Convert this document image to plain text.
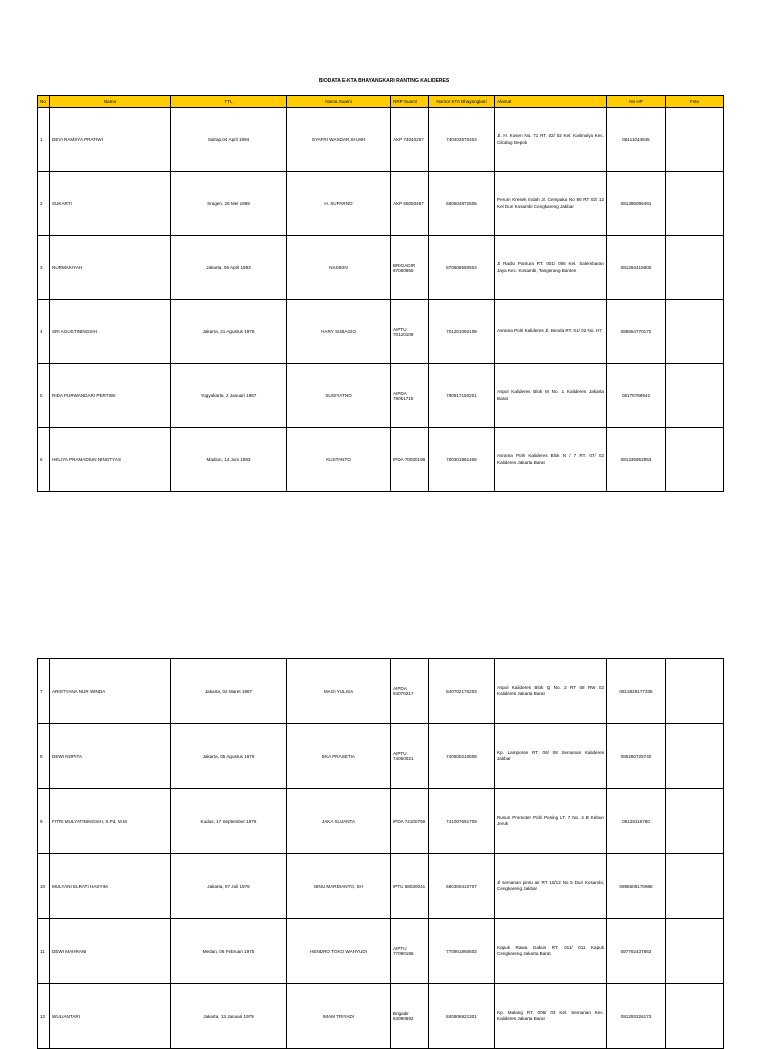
BIODATA E-KTA BHAYANGKARI RANTING KALIDERES
No	Nama	TTL	Nama Suami	NRP Suami	Nomor KTA Bhayangkari	Alamat	No HP	Foto
1	DEVI RAMSYA PRATIWI	Sidrap,04 April 1994	SYAFRI WASDAR,SH,MH	AKP 74040257	740402570404	Jl. H. Kosen No. 71 RT. 02/ 02 Kel. Kalimulya Kec. Cilodog Depok	08111044945	
2	SUKARTI	Sragen, 25 Mei 1969	H. SUPARNO	AKP 66050487	660504872505	Perum Kresek Indah Jl. Cempaka No 90 RT 02/ 12 Kel Duri Kosambi Cengkareng Jakbar	081386096491	
3	NURMAKIYAH	Jakarta, 05 April 1993	NASIKIN	BRIGADIR 87060655	870606550504	Jl Radio Pantura RT. 001/ 006 Kel. Salembaran Jaya Kec. Kosambi, Tangerang Banten	081294415600	
4	SRI AGUSTININGSIH	Jakarta, 21 Agustus 1975	HARY SUBAGIO	AIPTU 70120109	701201092108	Asrama Polri Kalideres Jl. Benda RT. 01/ 02 No. H7	089654770172	
5	RIDA PURWANDARI PERTIWI	Yogyakarta, 2 Januari 1987	SUGIYATNO	AIPDA 79051715	790517150201	Aspol Kalideres Blok M No. 1 Kalideres Jakarta Barat	08176788942	
6	HELIYA PRAMADIUN NINGTYAS	Madiun, 14 Juni 1983	KUSTANTO	IPDA 70030198	700301981406	Asrama Polri Kalideres Blok N / 7 RT. 07/ 02 Kalideres Jakarta Barat	081335952953	
7	ARISTYANA NUR WINDA	Jakarta, 02 Maret 1987	MAGI YULISA	AIPDA 84070217	840702170203	Aspol Kalideres Blok Q No. 2 RT 08 RW 02 Kalideres Jakarta Barat	0813829177335	
8	DEWI NOPITA	Jakarta, 05 Agustus 1976	EKA PRASETIA	AIPTU 74060021	740600210508	Kp. Lamporan RT. 06/ 08 Semanan Kalideres Jakbar	085280725740	
9	FITRI MULYATININGSIH, S.Pd, M.M	Kudus, 17 September 1976	JAKA SUJANTA	IPDA 74100769	741007691709	Rusun Promoter Polri Pesing LT. 7 No. 4 B Kebun Jeruk	08128116780	
10	MULYANI ELRATI HASYIM	Jakarta, 07 Juli 1976	IBNU MARDIANTO, SH	IPTU 68030041	680300410707	Jl semanan pintu air RT 10/12 No 5 Duri Kosambi, Cengkareng Jakbar	0895606170986	
11	DEWI MAHRANI	Medan, 06 Februari 1975	HENDRO TOKO WAHYUDI	AIPTU 77090186	770901860602	Kapuk Rawa Gabus RT. 011/ 011 Kapuk Cengkareng Jakarta Barat	087782437862	
12	WULIANTARI	Jakarta, 13 Januari 1979	IMAM TRIYADI	Brigadir 84090692	840906921301	Kp. Malang RT. 006/ 03 Kel. Semanan Kec. Kalideres Jakarta Barat	081293326173	
